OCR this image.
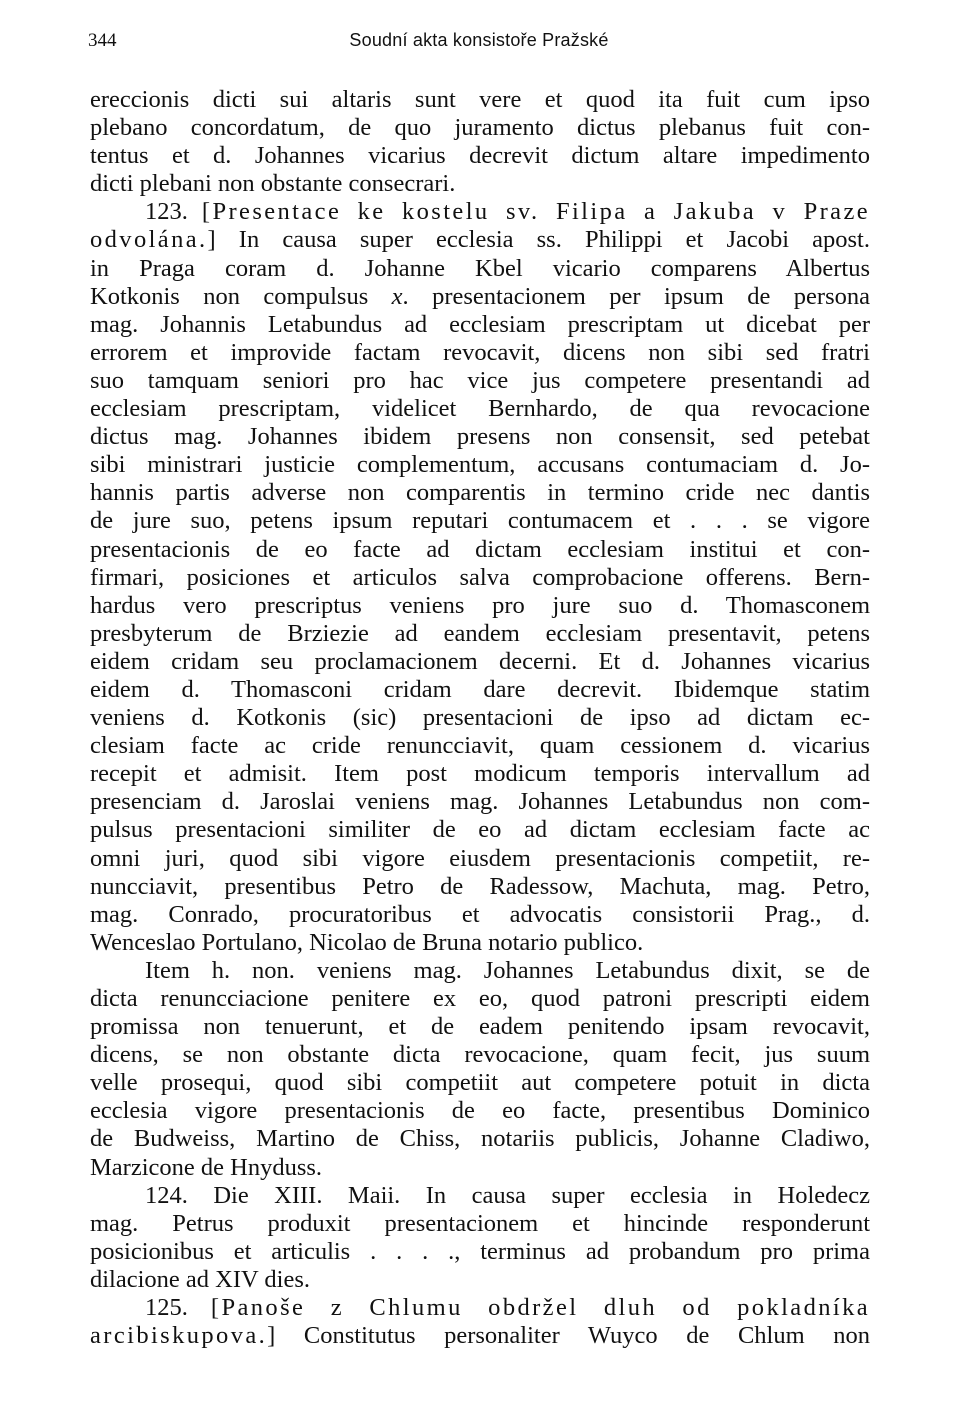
344	Soudní akta konsistoře Pražské
ereccionis dicti sui altaris sunt vere et quod ita fuit cum ipso
plebano concordatum, de quo juramento dictus plebanus fuit con-
tentus et d. Johannes vicarius decrevit dictum altare impedimento
dicti plebani non obstante consecrari.
123. [Presentace ke kostelu sv. Filipa a Jakuba v Praze
odvolána.] In causa super ecclesia ss. Philippi et Jacobi apost.
in Praga coram d. Johanne Kbel vicario comparens Albertus
Kotkonis non compulsus x. presentacionem per ipsum de persona
mag. Johannis Letabundus ad ecclesiam prescriptam ut dicebat per
errorem et improvide factam revocavit, dicens non sibi sed fratri
suo tamquam seniori pro hac vice jus competere presentandi ad
ecclesiam prescriptam, videlicet Bernhardo, de qua revocacione
dictus mag. Johannes ibidem presens non consensit, sed petebat
sibi ministrari justicie complementum, accusans contumaciam d. Jo-
hannis partis adverse non comparentis in termino cride nec dantis
de jure suo, petens ipsum reputari contumacem et . . . se vigore
presentacionis de eo facte ad dictam ecclesiam institui et con-
firmari, posiciones et articulos salva comprobacione offerens. Bern-
hardus vero prescriptus veniens pro jure suo d. Thomasconem
presbyterum de Brziezie ad eandem ecclesiam presentavit, petens
eidem cridam seu proclamacionem decerni. Et d. Johannes vicarius
eidem d. Thomasconi cridam dare decrevit. Ibidemque statim
veniens d. Kotkonis (sic) presentacioni de ipso ad dictam ec-
clesiam facte ac cride renuncciavit, quam cessionem d. vicarius
recepit et admisit. Item post modicum temporis intervallum ad
presenciam d. Jaroslai veniens mag. Johannes Letabundus non com-
pulsus presentacioni similiter de eo ad dictam ecclesiam facte ac
omni juri, quod sibi vigore eiusdem presentacionis competiit, re-
nuncciavit, presentibus Petro de Radessow, Machuta, mag. Petro,
mag. Conrado, procuratoribus et advocatis consistorii Prag., d.
Wenceslao Portulano, Nicolao de Bruna notario publico.
Item h. non. veniens mag. Johannes Letabundus dixit, se de
dicta renuncciacione penitere ex eo, quod patroni prescripti eidem
promissa non tenuerunt, et de eadem penitendo ipsam revocavit,
dicens, se non obstante dicta revocacione, quam fecit, jus suum
velle prosequi, quod sibi competiit aut competere potuit in dicta
ecclesia vigore presentacionis de eo facte, presentibus Dominico
de Budweiss, Martino de Chiss, notariis publicis, Johanne Cladiwo,
Marzicone de Hnyduss.
124. Die XIII. Maii. In causa super ecclesia in Holedecz
mag. Petrus produxit presentacionem et hincinde responderunt
posicionibus et articulis . . . ., terminus ad probandum pro prima
dilacione ad XIV dies.
125. [Panoše z Chlumu obdržel dluh od pokladníka
arcibiskupova.] Constitutus personaliter Wuyco de Chlum non
